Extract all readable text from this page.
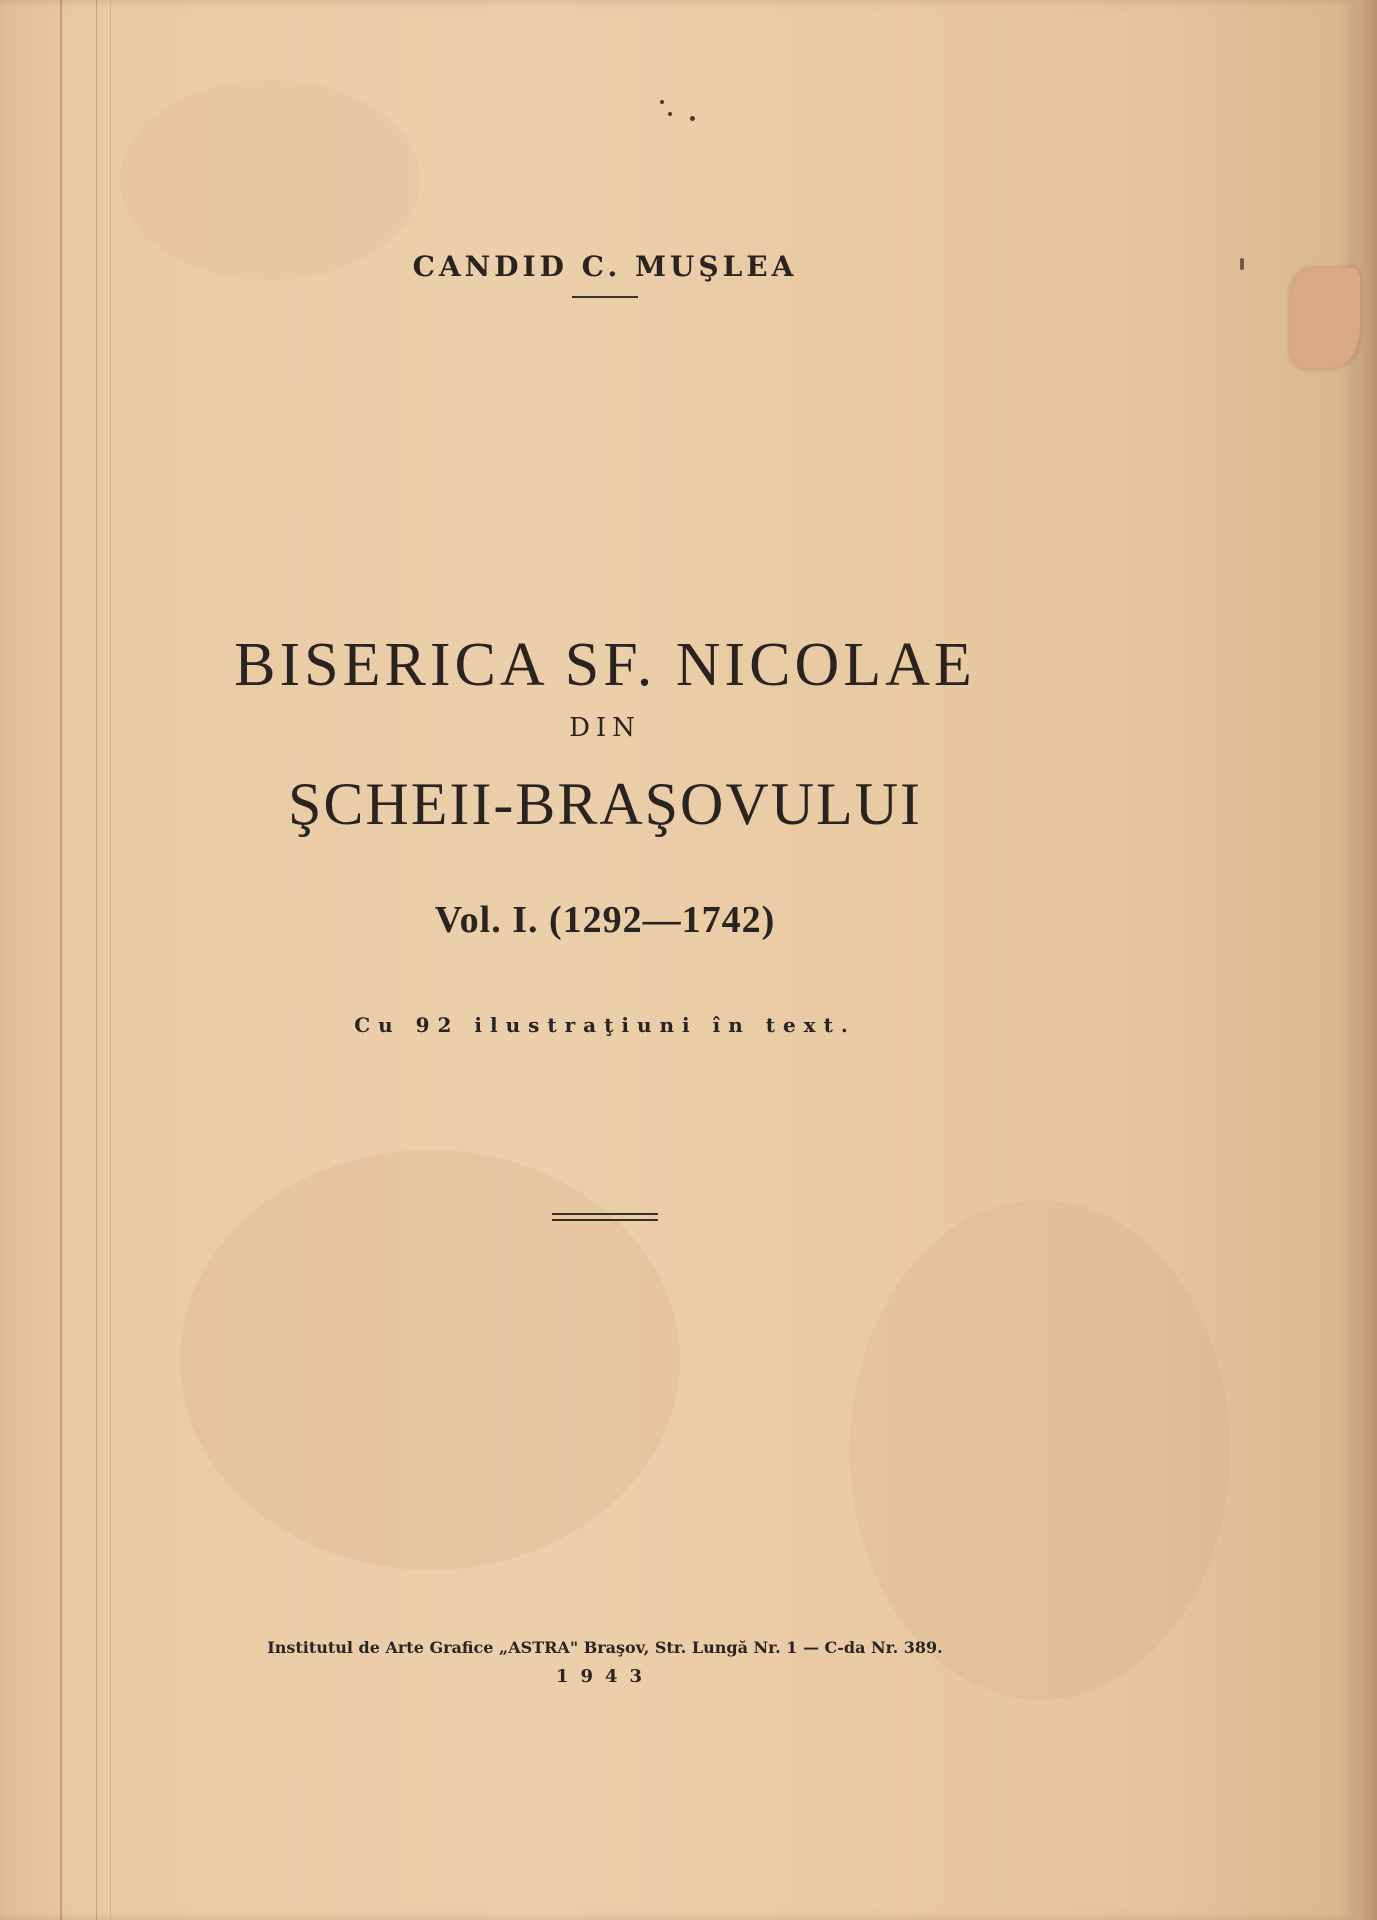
CANDID C. MUŞLEA
BISERICA SF. NICOLAE
DIN
ŞCHEII-BRAŞOVULUI
Vol. I. (1292—1742)
Cu 92 ilustraţiuni în text.
Institutul de Arte Grafice „ASTRA" Braşov, Str. Lungă Nr. 1 — C-da Nr. 389.
1943
